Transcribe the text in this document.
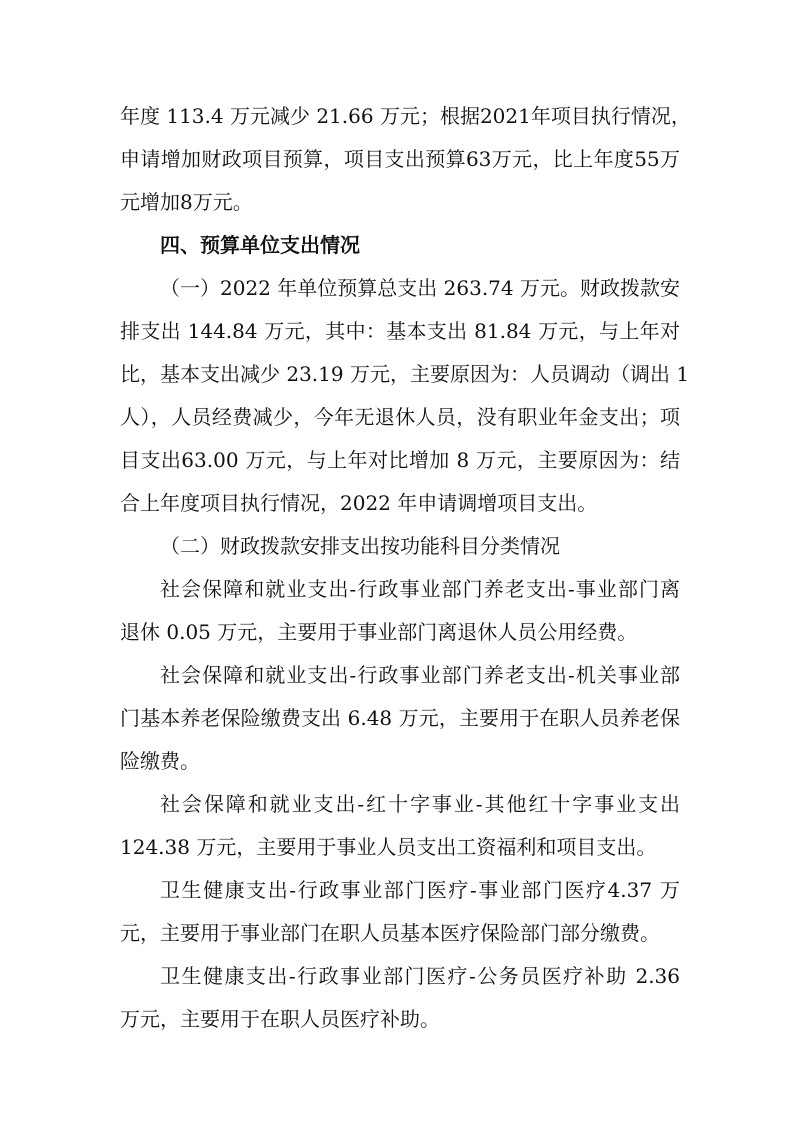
年度 113.4 万元减少 21.66 万元；根据2021年项目执行情况，
申请增加财政项目预算，项目支出预算63万元，比上年度55万
元增加8万元。
四、预算单位支出情况
（一）2022 年单位预算总支出 263.74 万元。财政拨款安
排支出 144.84 万元，其中：基本支出 81.84 万元，与上年对
比，基本支出减少 23.19 万元，主要原因为：人员调动（调出 1
人），人员经费减少，今年无退休人员，没有职业年金支出；项
目支出63.00 万元，与上年对比增加 8 万元，主要原因为：结
合上年度项目执行情况，2022 年申请调增项目支出。
（二）财政拨款安排支出按功能科目分类情况
社会保障和就业支出-行政事业部门养老支出-事业部门离
退休 0.05 万元，主要用于事业部门离退休人员公用经费。
社会保障和就业支出-行政事业部门养老支出-机关事业部
门基本养老保险缴费支出 6.48 万元，主要用于在职人员养老保
险缴费。
社会保障和就业支出-红十字事业-其他红十字事业支出
124.38 万元，主要用于事业人员支出工资福利和项目支出。
卫生健康支出-行政事业部门医疗-事业部门医疗4.37 万
元，主要用于事业部门在职人员基本医疗保险部门部分缴费。
卫生健康支出-行政事业部门医疗-公务员医疗补助 2.36
万元，主要用于在职人员医疗补助。
